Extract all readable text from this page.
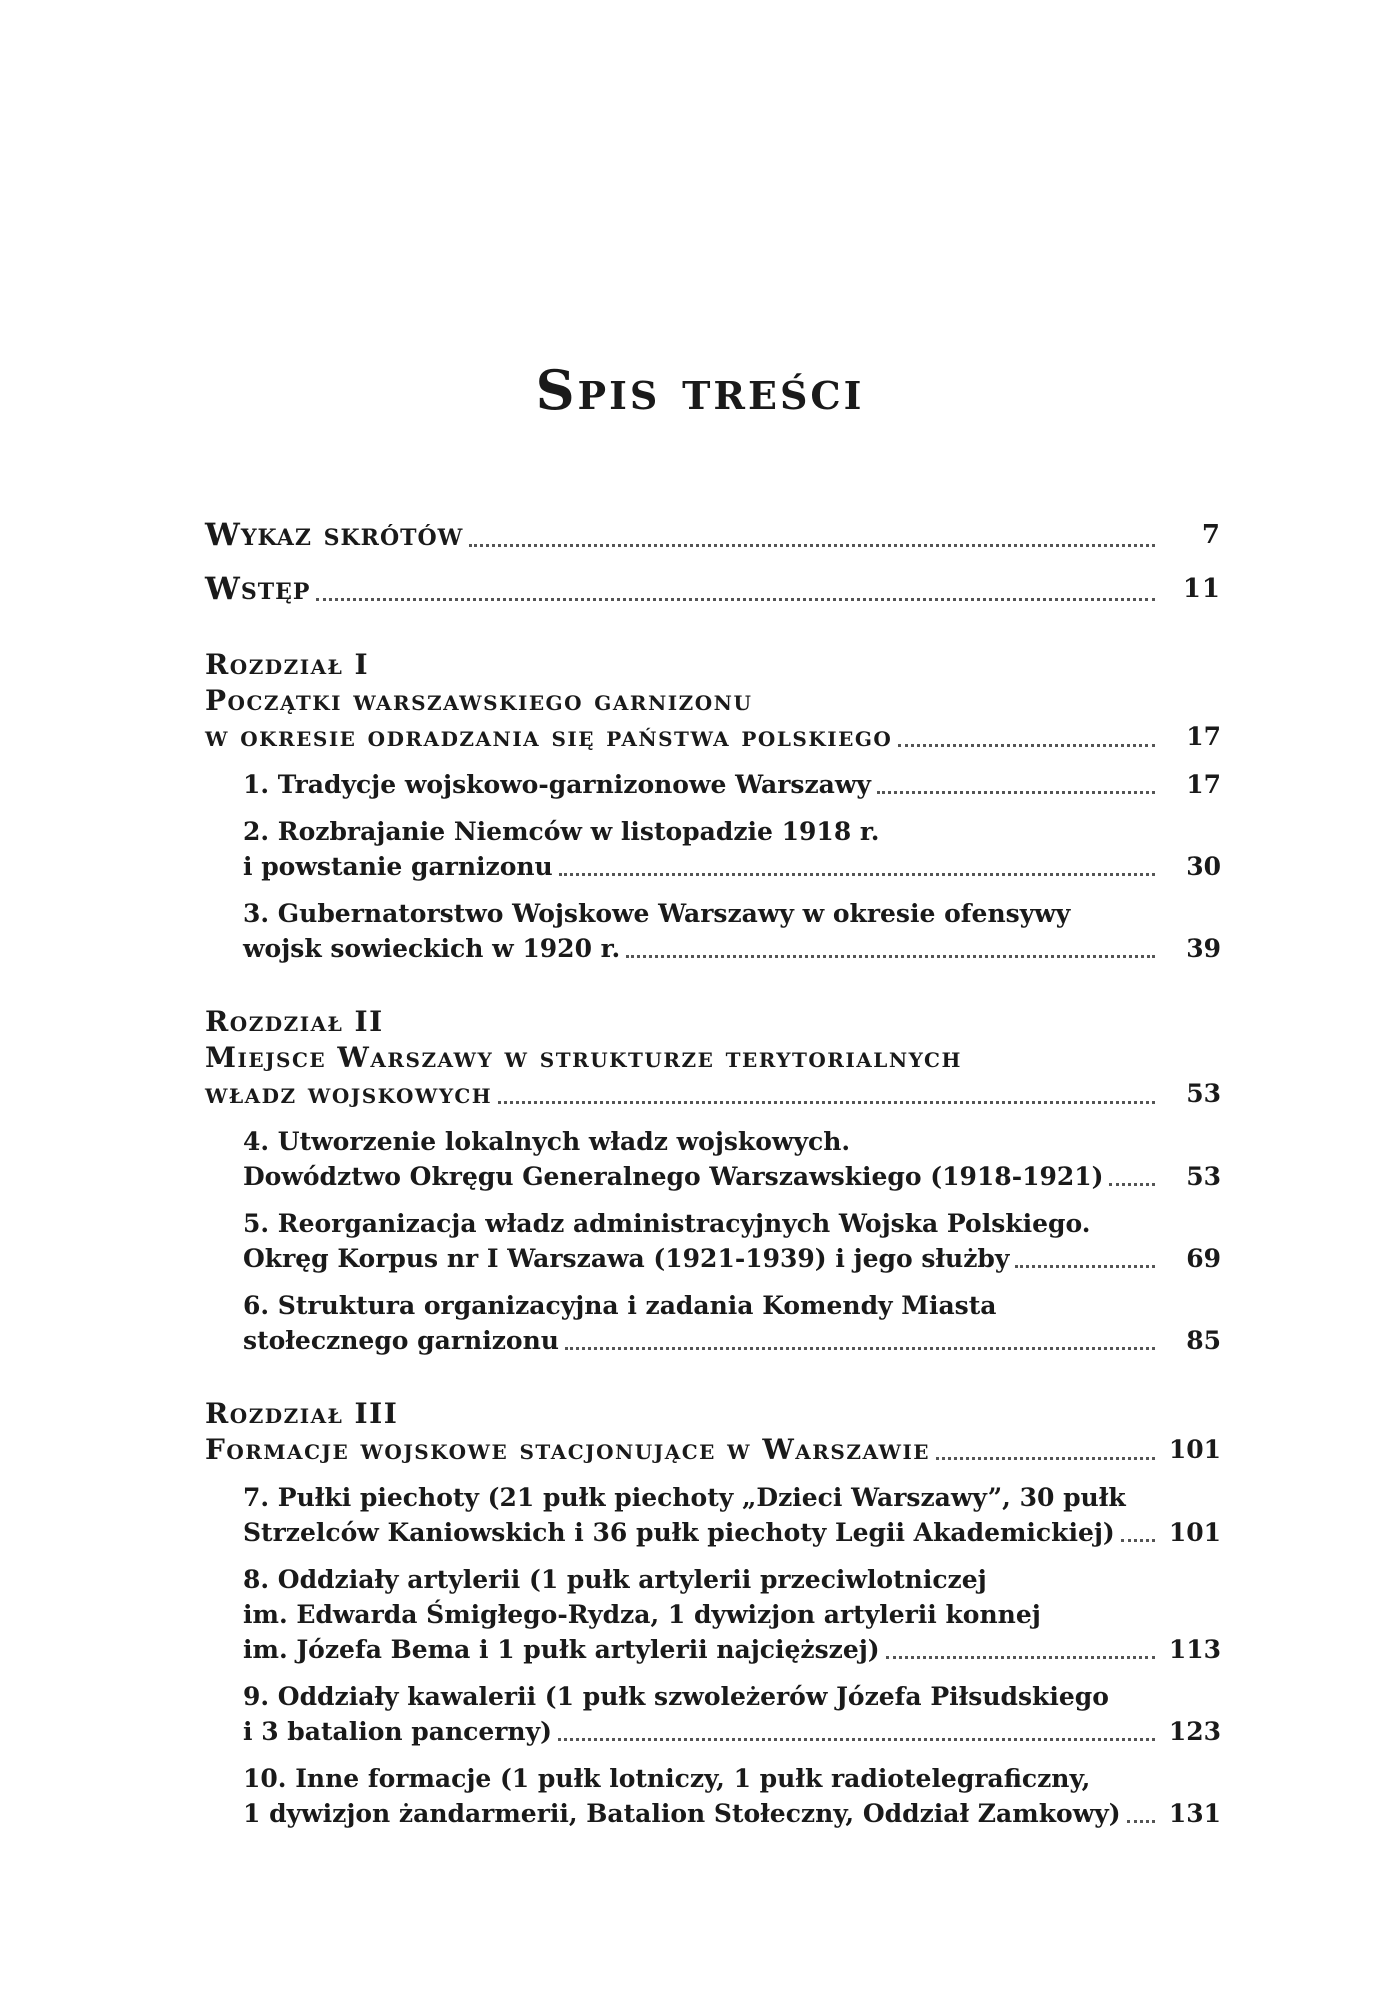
Spis treści
Wykaz skrótów	7
Wstęp	11
Rozdział I
Początki warszawskiego garnizonu
w okresie odradzania się państwa polskiego	17
1. Tradycje wojskowo-garnizonowe Warszawy	17
2. Rozbrajanie Niemców w listopadzie 1918 r.
i powstanie garnizonu	30
3. Gubernatorstwo Wojskowe Warszawy w okresie ofensywy
wojsk sowieckich w 1920 r.	39
Rozdział II
Miejsce Warszawy w strukturze terytorialnych
władz wojskowych	53
4. Utworzenie lokalnych władz wojskowych.
Dowództwo Okręgu Generalnego Warszawskiego (1918-1921)	53
5. Reorganizacja władz administracyjnych Wojska Polskiego.
Okręg Korpus nr I Warszawa (1921-1939) i jego służby	69
6. Struktura organizacyjna i zadania Komendy Miasta
stołecznego garnizonu	85
Rozdział III
Formacje wojskowe stacjonujące w Warszawie	101
7. Pułki piechoty (21 pułk piechoty „Dzieci Warszawy”, 30 pułk
Strzelców Kaniowskich i 36 pułk piechoty Legii Akademickiej)	101
8. Oddziały artylerii (1 pułk artylerii przeciwlotniczej
im. Edwarda Śmigłego-Rydza, 1 dywizjon artylerii konnej
im. Józefa Bema i 1 pułk artylerii najcięższej)	113
9. Oddziały kawalerii (1 pułk szwoleżerów Józefa Piłsudskiego
i 3 batalion pancerny)	123
10. Inne formacje (1 pułk lotniczy, 1 pułk radiotelegraficzny,
1 dywizjon żandarmerii, Batalion Stołeczny, Oddział Zamkowy)	131
